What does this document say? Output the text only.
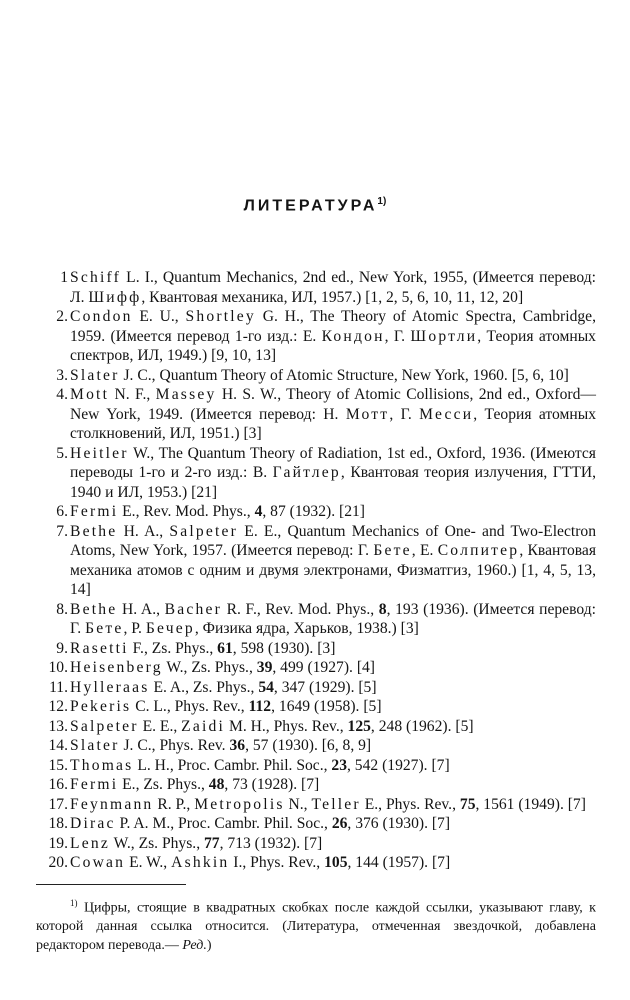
ЛИТЕРАТУРА$^{1)}$
1 Schiff L. I., Quantum Mechanics, 2nd ed., New York, 1955, (Имеется перевод: Л. Шифф, Квантовая механика, ИЛ, 1957.) [1, 2, 5, 6, 10, 11, 12, 20]
2. Condon E. U., Shortley G. H., The Theory of Atomic Spectra, Cambridge, 1959. (Имеется перевод 1-го изд.: Е. Кондон, Г. Шортли, Теория атомных спектров, ИЛ, 1949.) [9, 10, 13]
3. Slater J. C., Quantum Theory of Atomic Structure, New York, 1960. [5, 6, 10]
4. Mott N. F., Massey H. S. W., Theory of Atomic Collisions, 2nd ed., Oxford—New York, 1949. (Имеется перевод: Н. Мотт, Г. Месси, Теория атомных столкновений, ИЛ, 1951.) [3]
5. Heitler W., The Quantum Theory of Radiation, 1st ed., Oxford, 1936. (Имеются переводы 1-го и 2-го изд.: В. Гайтлер, Квантовая теория излучения, ГТТИ, 1940 и ИЛ, 1953.) [21]
6. Fermi E., Rev. Mod. Phys., 4, 87 (1932). [21]
7. Bethe H. A., Salpeter E. E., Quantum Mechanics of One- and Two-Electron Atoms, New York, 1957. (Имеется перевод: Г. Бете, Е. Солпитер, Квантовая механика атомов с одним и двумя электронами, Физматгиз, 1960.) [1, 4, 5, 13, 14]
8. Bethe H. A., Bacher R. F., Rev. Mod. Phys., 8, 193 (1936). (Имеется перевод: Г. Бете, Р. Бечер, Физика ядра, Харьков, 1938.) [3]
9. Rasetti F., Zs. Phys., 61, 598 (1930). [3]
10. Heisenberg W., Zs. Phys., 39, 499 (1927). [4]
11. Hylleraas E. A., Zs. Phys., 54, 347 (1929). [5]
12. Pekeris C. L., Phys. Rev., 112, 1649 (1958). [5]
13. Salpeter E. E., Zaidi M. H., Phys. Rev., 125, 248 (1962). [5]
14. Slater J. C., Phys. Rev. 36, 57 (1930). [6, 8, 9]
15. Thomas L. H., Proc. Cambr. Phil. Soc., 23, 542 (1927). [7]
16. Fermi E., Zs. Phys., 48, 73 (1928). [7]
17. Feynmann R. P., Metropolis N., Teller E., Phys. Rev., 75, 1561 (1949). [7]
18. Dirac P. A. M., Proc. Cambr. Phil. Soc., 26, 376 (1930). [7]
19. Lenz W., Zs. Phys., 77, 713 (1932). [7]
20. Cowan E. W., Ashkin I., Phys. Rev., 105, 144 (1957). [7]

$^{1)}$ Цифры, стоящие в квадратных скобках после каждой ссылки, указывают главу, к которой данная ссылка относится. (Литература, отмеченная звездочкой, добавлена редактором перевода.— Ред.)
